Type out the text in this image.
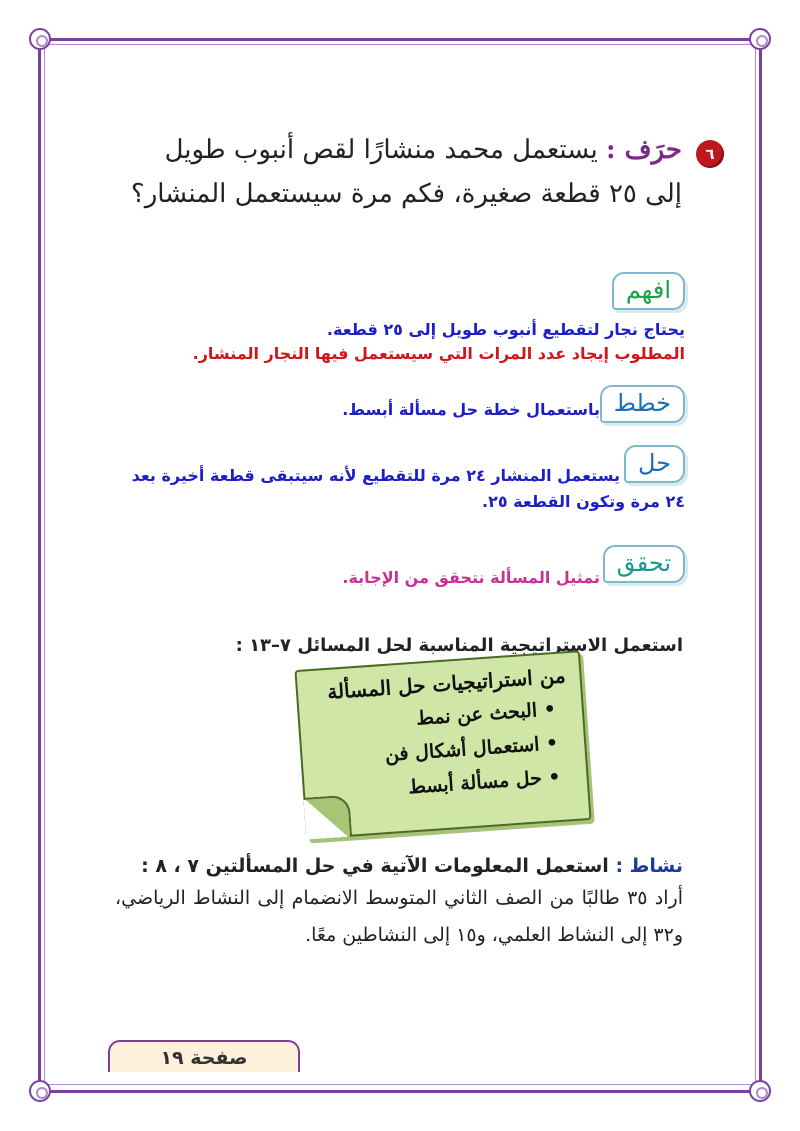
٦
حرَف : يستعمل محمد منشارًا لقص أنبوب طويل
إلى ٢٥ قطعة صغيرة، فكم مرة سيستعمل المنشار؟
افهم
يحتاج نجار لتقطيع أنبوب طويل إلى ٢٥ قطعة.
المطلوب إيجاد عدد المرات التي سيستعمل فيها النجار المنشار.
خطط
باستعمال خطة حل مسألة أبسط.
حل
يستعمل المنشار ٢٤ مرة للتقطيع لأنه سيتبقى قطعة أخيرة بعد
٢٤ مرة وتكون القطعة ٢٥.
تحقق
تمثيل المسألة نتحقق من الإجابة.
استعمل الاستراتيجية المناسبة لحل المسائل ٧–١٣ :
من استراتيجيات حل المسألة
• البحث عن نمط
• استعمال أشكال فن
• حل مسألة أبسط
نشاط : استعمل المعلومات الآتية في حل المسألتين ٧ ، ٨ :
أراد ٣٥ طالبًا من الصف الثاني المتوسط الانضمام إلى النشاط الرياضي، و٣٢ إلى النشاط العلمي، و١٥ إلى النشاطين معًا.
صفحة ١٩
